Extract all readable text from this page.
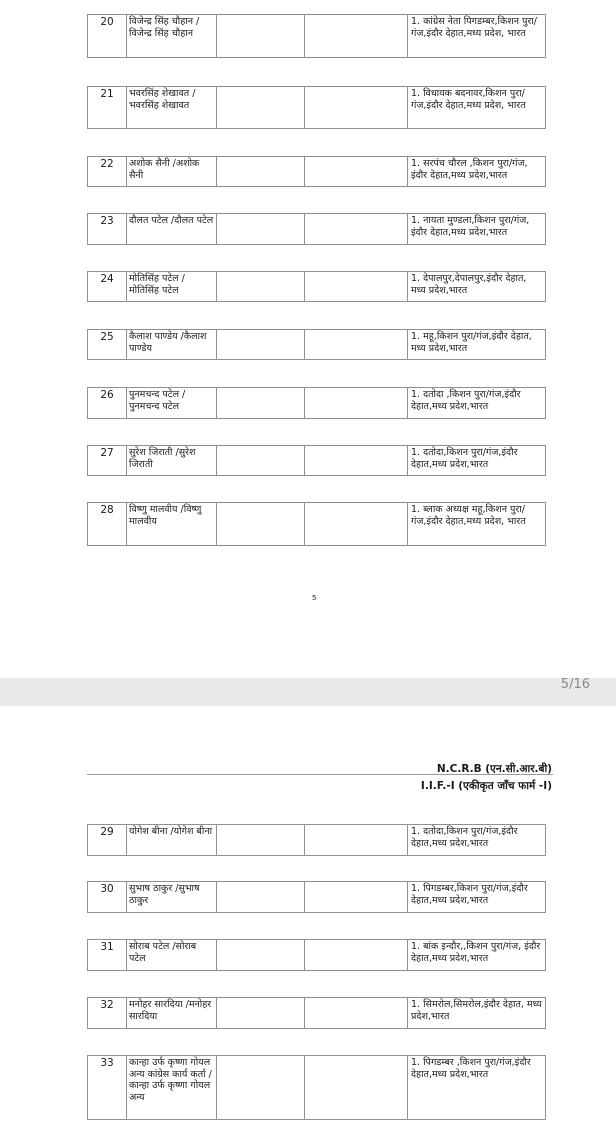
20	विजेन्द्र सिंह चौहान /विजेन्द्र सिंह चौहान			1. कांग्रेस नेता पिगडम्बर,किशन पुरा/गंज,इंदौर देहात,मध्य प्रदेश, भारत
21	भवरसिंह शेखावत /भवरसिंह शेखावत			1. विधायक बदनावर,किशन पुरा/गंज,इंदौर देहात,मध्य प्रदेश, भारत
22	अशोक सैनी /अशोक सैनी			1. सरपंच चौरल ,किशन पुरा/गंज, इंदौर देहात,मध्य प्रदेश,भारत
23	दौलत पटेल /दौलत पटेल			1. नायता मुण्डला,किशन पुरा/गंज, इंदौर देहात,मध्य प्रदेश,भारत
24	मोतिसिंह पटेल /मोतिसिंह पटेल			1. देपालपुर,देपालपुर,इंदौर देहात, मध्य प्रदेश,भारत
25	कैलाश पाण्डेय /कैलाश पाण्डेय			1. महू,किशन पुरा/गंज,इंदौर देहात, मध्य प्रदेश,भारत
26	पुनमचन्द पटेल /पुनमचन्द पटेल			1. दतोदा ,किशन पुरा/गंज,इंदौर देहात,मध्य प्रदेश,भारत
27	सुरेश जिराती /सुरेश जिराती			1. दतोदा,किशन पुरा/गंज,इंदौर देहात,मध्य प्रदेश,भारत
28	विष्णु मालवीय /विष्णु मालवीय			1. ब्लाक अध्यक्ष महू,किशन पुरा/गंज,इंदौर देहात,मध्य प्रदेश, भारत
5
5/16
N.C.R.B (एन.सी.आर.बी)
I.I.F.-I (एकीकृत जाँच फार्म -I)
29	योगेश बीना /योगेश बीना			1. दतोदा,किशन पुरा/गंज,इंदौर देहात,मध्य प्रदेश,भारत
30	सुभाष ठाकुर /सुभाष ठाकुर			1. पिगडम्बर,किशन पुरा/गंज,इंदौर देहात,मध्य प्रदेश,भारत
31	सोराब पटेल /सोराब पटेल			1. बांक इन्दौर,,किशन पुरा/गंज, इंदौर देहात,मध्य प्रदेश,भारत
32	मनोहर सारदिया /मनोहर सारदिया			1. सिमरोल,सिमरोल,इंदौर देहात, मध्य प्रदेश,भारत
33	कान्हा उर्फ कृष्णा गोयल अन्य कांग्रेस कार्य कर्ता /कान्हा उर्फ कृष्णा गोयल अन्य			1. पिगडम्बर ,किशन पुरा/गंज,इंदौर देहात,मध्य प्रदेश,भारत
